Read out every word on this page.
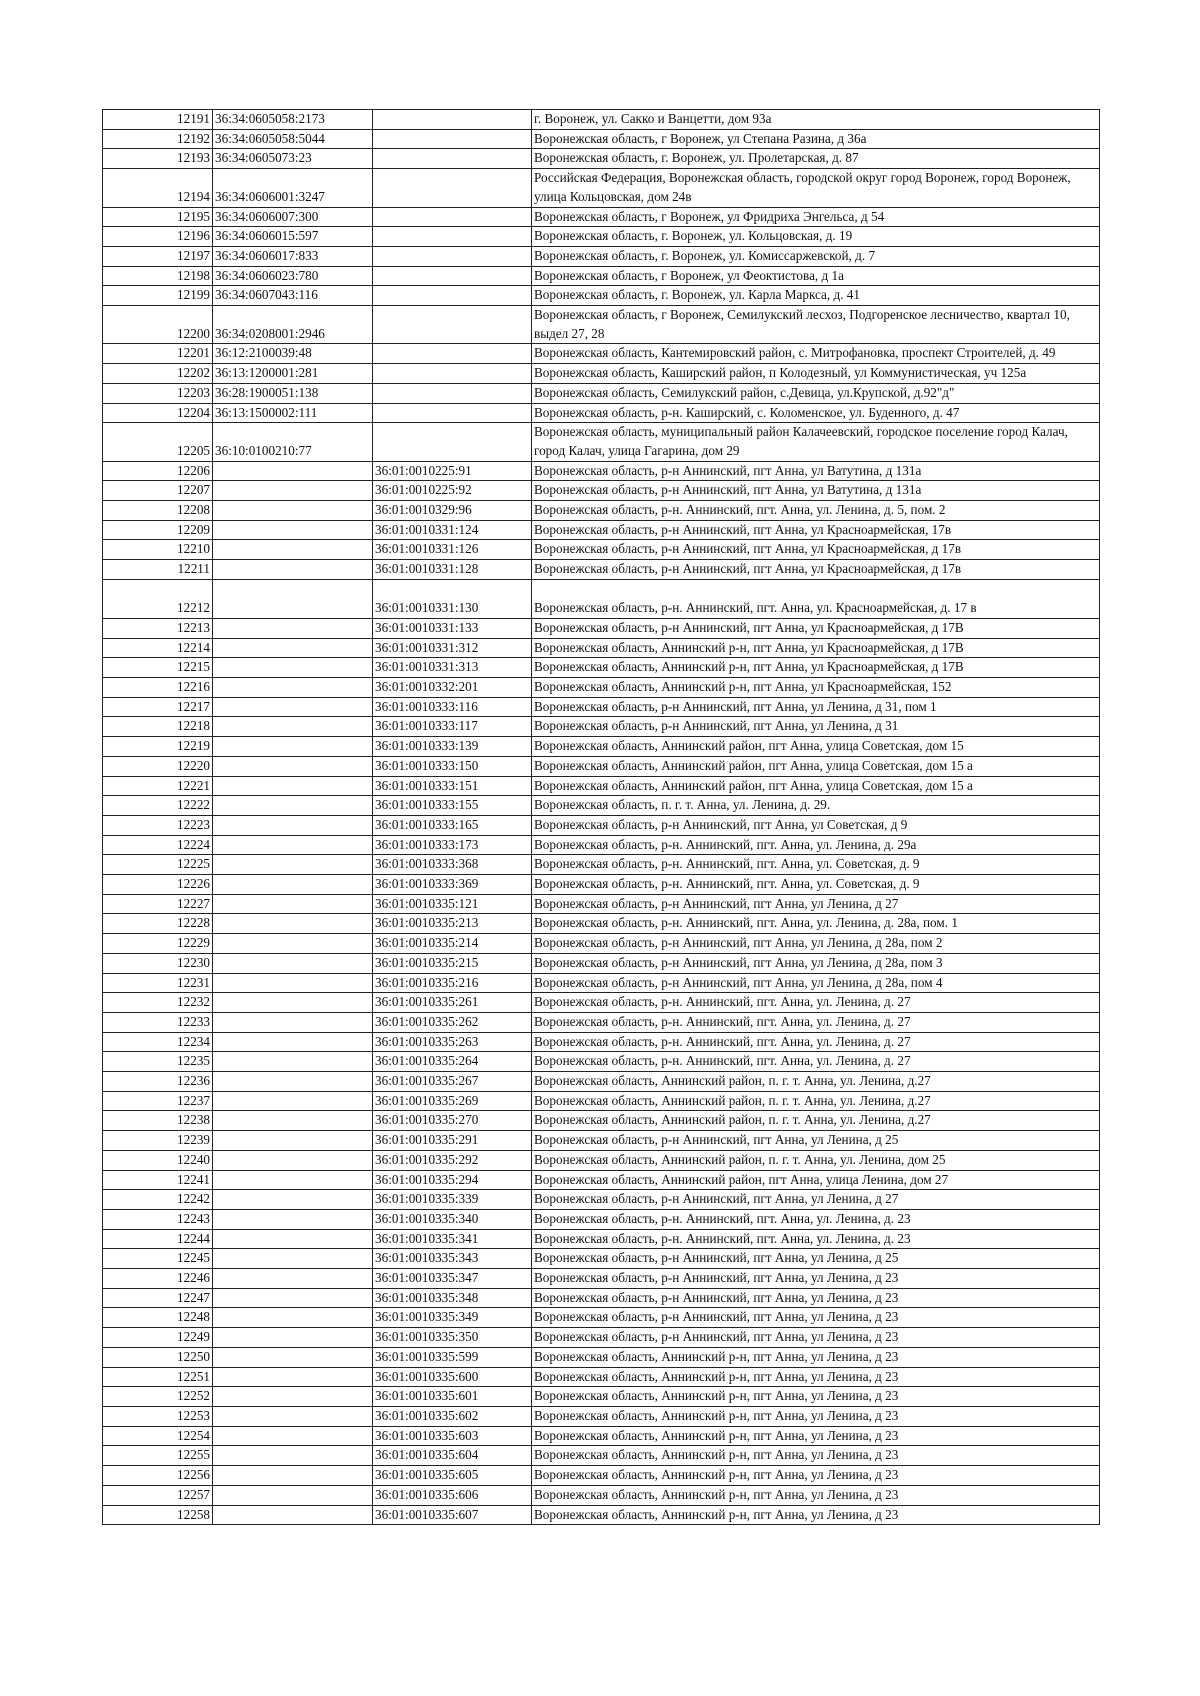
12191	36:34:0605058:2173		г. Воронеж, ул. Сакко и Ванцетти, дом 93а
12192	36:34:0605058:5044		Воронежская область, г Воронеж, ул Степана Разина, д 36а
12193	36:34:0605073:23		Воронежская область, г. Воронеж, ул. Пролетарская, д. 87
12194	36:34:0606001:3247		Российская Федерация, Воронежская область, городской округ город Воронеж, город Воронеж, улица Кольцовская, дом 24в
12195	36:34:0606007:300		Воронежская область, г Воронеж, ул Фридриха Энгельса, д 54
12196	36:34:0606015:597		Воронежская область, г. Воронеж, ул. Кольцовская, д. 19
12197	36:34:0606017:833		Воронежская область, г. Воронеж, ул. Комиссаржевской, д. 7
12198	36:34:0606023:780		Воронежская область, г Воронеж, ул Феоктистова, д 1а
12199	36:34:0607043:116		Воронежская область, г. Воронеж, ул. Карла Маркса, д. 41
12200	36:34:0208001:2946		Воронежская область, г Воронеж, Семилукский лесхоз, Подгоренское лесничество, квартал 10, выдел 27, 28
12201	36:12:2100039:48		Воронежская область, Кантемировский район, с. Митрофановка, проспект Строителей, д. 49
12202	36:13:1200001:281		Воронежская область, Каширский район, п Колодезный, ул Коммунистическая, уч 125а
12203	36:28:1900051:138		Воронежская область, Семилукский район, с.Девица, ул.Крупской, д.92"д"
12204	36:13:1500002:111		Воронежская область, р-н. Каширский, с. Коломенское, ул. Буденного, д. 47
12205	36:10:0100210:77		Воронежская область, муниципальный район Калачеевский, городское поселение город Калач, город Калач, улица Гагарина, дом 29
12206		36:01:0010225:91	Воронежская область, р-н Аннинский, пгт Анна, ул Ватутина, д 131а
12207		36:01:0010225:92	Воронежская область, р-н Аннинский, пгт Анна, ул Ватутина, д 131а
12208		36:01:0010329:96	Воронежская область, р-н. Аннинский, пгт. Анна, ул. Ленина, д. 5, пом. 2
12209		36:01:0010331:124	Воронежская область, р-н Аннинский, пгт Анна, ул Красноармейская, 17в
12210		36:01:0010331:126	Воронежская область, р-н Аннинский, пгт Анна, ул Красноармейская, д 17в
12211		36:01:0010331:128	Воронежская область, р-н Аннинский, пгт Анна, ул Красноармейская, д 17в
12212		36:01:0010331:130	Воронежская область, р-н. Аннинский, пгт. Анна, ул. Красноармейская, д. 17 в
12213		36:01:0010331:133	Воронежская область, р-н Аннинский, пгт Анна, ул Красноармейская, д 17В
12214		36:01:0010331:312	Воронежская область, Аннинский р-н, пгт Анна, ул Красноармейская, д 17В
12215		36:01:0010331:313	Воронежская область, Аннинский р-н, пгт Анна, ул Красноармейская, д 17В
12216		36:01:0010332:201	Воронежская область, Аннинский р-н, пгт Анна, ул Красноармейская, 152
12217		36:01:0010333:116	Воронежская область, р-н Аннинский, пгт Анна, ул Ленина, д 31, пом 1
12218		36:01:0010333:117	Воронежская область, р-н Аннинский, пгт Анна, ул Ленина, д 31
12219		36:01:0010333:139	Воронежская область, Аннинский район, пгт Анна, улица Советская, дом 15
12220		36:01:0010333:150	Воронежская область, Аннинский район, пгт Анна, улица Советская, дом 15 а
12221		36:01:0010333:151	Воронежская область, Аннинский район, пгт Анна, улица Советская, дом 15 а
12222		36:01:0010333:155	Воронежская область, п. г. т. Анна, ул. Ленина, д. 29.
12223		36:01:0010333:165	Воронежская область, р-н Аннинский, пгт Анна, ул Советская, д 9
12224		36:01:0010333:173	Воронежская область, р-н. Аннинский, пгт. Анна, ул. Ленина, д. 29а
12225		36:01:0010333:368	Воронежская область, р-н. Аннинский, пгт. Анна, ул. Советская, д. 9
12226		36:01:0010333:369	Воронежская область, р-н. Аннинский, пгт. Анна, ул. Советская, д. 9
12227		36:01:0010335:121	Воронежская область, р-н Аннинский, пгт Анна, ул Ленина, д 27
12228		36:01:0010335:213	Воронежская область, р-н. Аннинский, пгт. Анна, ул. Ленина, д. 28а, пом. 1
12229		36:01:0010335:214	Воронежская область, р-н Аннинский, пгт Анна, ул Ленина, д 28а, пом 2
12230		36:01:0010335:215	Воронежская область, р-н Аннинский, пгт Анна, ул Ленина, д 28а, пом 3
12231		36:01:0010335:216	Воронежская область, р-н Аннинский, пгт Анна, ул Ленина, д 28а, пом 4
12232		36:01:0010335:261	Воронежская область, р-н. Аннинский, пгт. Анна, ул. Ленина, д. 27
12233		36:01:0010335:262	Воронежская область, р-н. Аннинский, пгт. Анна, ул. Ленина, д. 27
12234		36:01:0010335:263	Воронежская область, р-н. Аннинский, пгт. Анна, ул. Ленина, д. 27
12235		36:01:0010335:264	Воронежская область, р-н. Аннинский, пгт. Анна, ул. Ленина, д. 27
12236		36:01:0010335:267	Воронежская область, Аннинский район, п. г. т. Анна, ул. Ленина, д.27
12237		36:01:0010335:269	Воронежская область, Аннинский район, п. г. т. Анна, ул. Ленина, д.27
12238		36:01:0010335:270	Воронежская область, Аннинский район, п. г. т. Анна, ул. Ленина, д.27
12239		36:01:0010335:291	Воронежская область, р-н Аннинский, пгт Анна, ул Ленина, д 25
12240		36:01:0010335:292	Воронежская область, Аннинский район, п. г. т. Анна, ул. Ленина, дом 25
12241		36:01:0010335:294	Воронежская область, Аннинский район, пгт Анна, улица Ленина, дом 27
12242		36:01:0010335:339	Воронежская область, р-н Аннинский, пгт Анна, ул Ленина, д 27
12243		36:01:0010335:340	Воронежская область, р-н. Аннинский, пгт. Анна, ул. Ленина, д. 23
12244		36:01:0010335:341	Воронежская область, р-н. Аннинский, пгт. Анна, ул. Ленина, д. 23
12245		36:01:0010335:343	Воронежская область, р-н Аннинский, пгт Анна, ул Ленина, д 25
12246		36:01:0010335:347	Воронежская область, р-н Аннинский, пгт Анна, ул Ленина, д 23
12247		36:01:0010335:348	Воронежская область, р-н Аннинский, пгт Анна, ул Ленина, д 23
12248		36:01:0010335:349	Воронежская область, р-н Аннинский, пгт Анна, ул Ленина, д 23
12249		36:01:0010335:350	Воронежская область, р-н Аннинский, пгт Анна, ул Ленина, д 23
12250		36:01:0010335:599	Воронежская область, Аннинский р-н, пгт Анна, ул Ленина, д 23
12251		36:01:0010335:600	Воронежская область, Аннинский р-н, пгт Анна, ул Ленина, д 23
12252		36:01:0010335:601	Воронежская область, Аннинский р-н, пгт Анна, ул Ленина, д 23
12253		36:01:0010335:602	Воронежская область, Аннинский р-н, пгт Анна, ул Ленина, д 23
12254		36:01:0010335:603	Воронежская область, Аннинский р-н, пгт Анна, ул Ленина, д 23
12255		36:01:0010335:604	Воронежская область, Аннинский р-н, пгт Анна, ул Ленина, д 23
12256		36:01:0010335:605	Воронежская область, Аннинский р-н, пгт Анна, ул Ленина, д 23
12257		36:01:0010335:606	Воронежская область, Аннинский р-н, пгт Анна, ул Ленина, д 23
12258		36:01:0010335:607	Воронежская область, Аннинский р-н, пгт Анна, ул Ленина, д 23
